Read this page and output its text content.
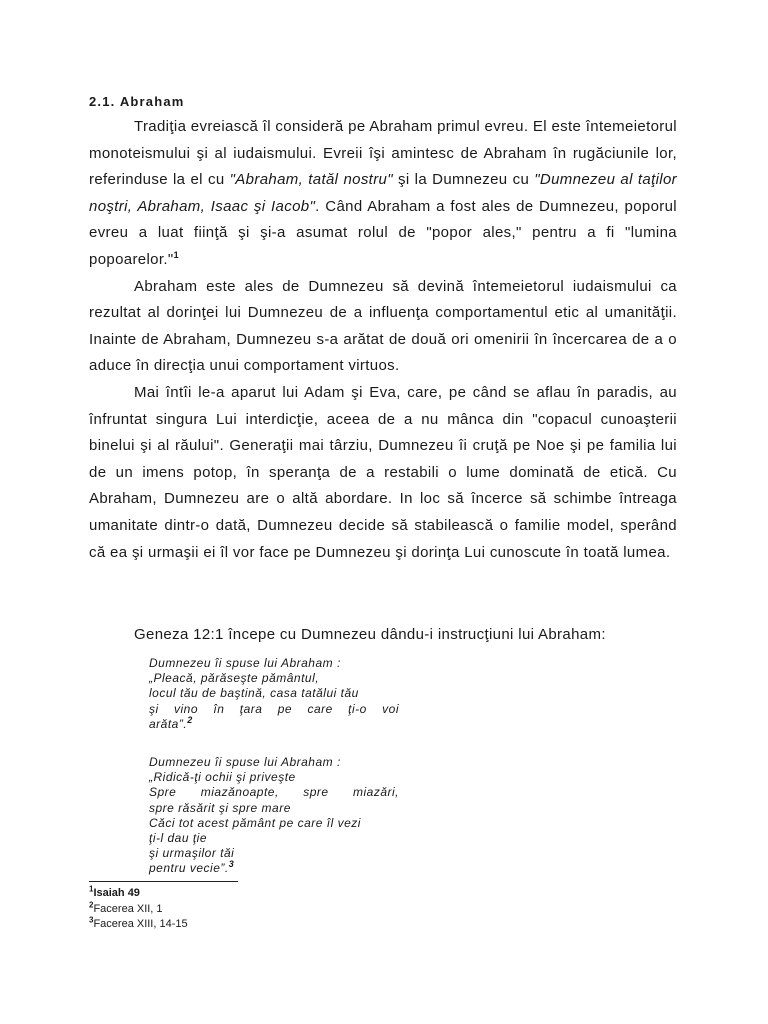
2.1. Abraham

Tradiţia evreiască îl consideră pe Abraham primul evreu. El este întemeietorul monoteismului şi al iudaismului. Evreii îşi amintesc de Abraham în rugăciunile lor, referinduse la el cu "Abraham, tatăl nostru" şi la Dumnezeu cu "Dumnezeu al taţilor noştri, Abraham, Isaac şi Iacob". Când Abraham a fost ales de Dumnezeu, poporul evreu a luat fiinţă şi şi-a asumat rolul de "popor ales," pentru a fi "lumina popoarelor."$^1$

Abraham este ales de Dumnezeu să devină întemeietorul iudaismului ca rezultat al dorinţei lui Dumnezeu de a influenţa comportamentul etic al umanităţii. Inainte de Abraham, Dumnezeu s-a arătat de două ori omenirii în încercarea de a o aduce în direcţia unui comportament virtuos.

Mai întîi le-a aparut lui Adam şi Eva, care, pe când se aflau în paradis, au înfruntat singura Lui interdicţie, aceea de a nu mânca din "copacul cunoaşterii binelui şi al răului". Generaţii mai târziu, Dumnezeu îi cruţă pe Noe şi pe familia lui de un imens potop, în speranţa de a restabili o lume dominată de etică. Cu Abraham, Dumnezeu are o altă abordare. In loc să încerce să schimbe întreaga umanitate dintr-o dată, Dumnezeu decide să stabilească o familie model, sperând că ea şi urmaşii ei îl vor face pe Dumnezeu şi dorinţa Lui cunoscute în toată lumea.

Geneza 12:1 începe cu Dumnezeu dându-i instrucţiuni lui Abraham:
Dumnezeu îi spuse lui Abraham :
„Pleacă, părăseşte pământul,
locul tău de baştină, casa tatălui tău
şi vino în ţara pe care ţi-o voi
arăta”.$^2$
Dumnezeu îi spuse lui Abraham :
„Ridică-ţi ochii şi priveşte
Spre miazănoapte, spre miazări,
spre răsărit şi spre mare
Căci tot acest pământ pe care îl vezi
ţi-l dau ţie
şi urmaşilor tăi
pentru vecie”.$^3$
$^1$Isaiah 49
$^2$Facerea XII, 1
$^3$Facerea XIII, 14-15
